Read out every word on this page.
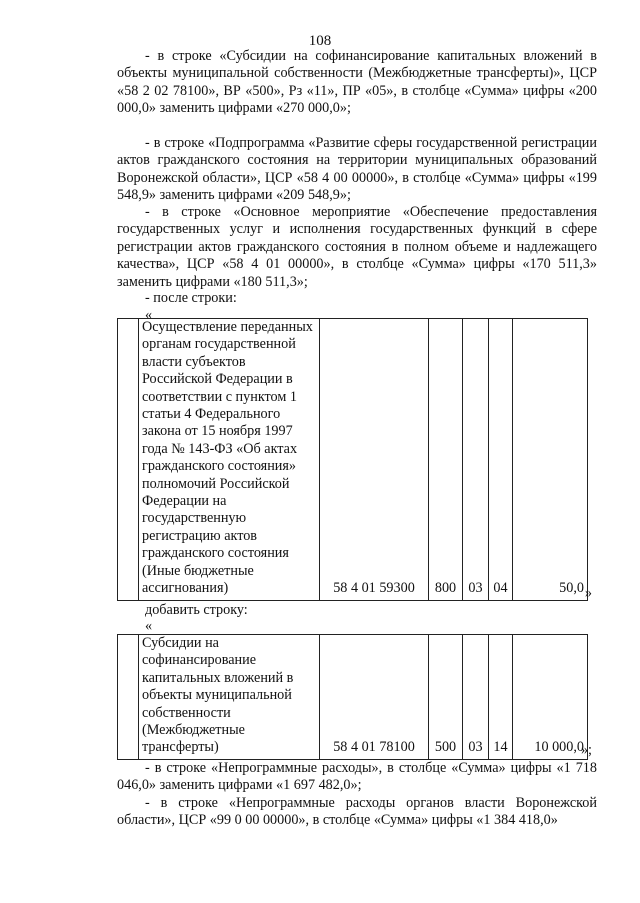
108

- в строке «Субсидии на софинансирование капитальных вложений в объекты муниципальной собственности (Межбюджетные трансферты)», ЦСР «58 2 02 78100», ВР «500», Рз «11», ПР «05», в столбце «Сумма» цифры «200 000,0» заменить цифрами «270 000,0»;

- в строке «Подпрограмма «Развитие сферы государственной регистрации актов гражданского состояния на территории муниципальных образований Воронежской области», ЦСР «58 4 00 00000», в столбце «Сумма» цифры «199 548,9» заменить цифрами «209 548,9»;

- в строке «Основное мероприятие «Обеспечение предоставления государственных услуг и исполнения государственных функций в сфере регистрации актов гражданского состояния в полном объеме и надлежащего качества», ЦСР «58 4 01 00000», в столбце «Сумма» цифры «170 511,3» заменить цифрами «180 511,3»;

- после строки:

«

Осуществление переданных органам государственной власти субъектов Российской Федерации в соответствии с пунктом 1 статьи 4 Федерального закона от 15 ноября 1997 года № 143-ФЗ «Об актах гражданского состояния» полномочий Российской Федерации на государственную регистрацию актов гражданского состояния (Иные бюджетные ассигнования)	58 4 01 59300	800	03	04	50,0 »

добавить строку:

«

Субсидии на софинансирование капитальных вложений в объекты муниципальной собственности (Межбюджетные трансферты)	58 4 01 78100	500	03	14	10 000,0
»;

- в строке «Непрограммные расходы», в столбце «Сумма» цифры «1 718 046,0» заменить цифрами «1 697 482,0»;

- в строке «Непрограммные расходы органов власти Воронежской области», ЦСР «99 0 00 00000», в столбце «Сумма» цифры «1 384 418,0»
